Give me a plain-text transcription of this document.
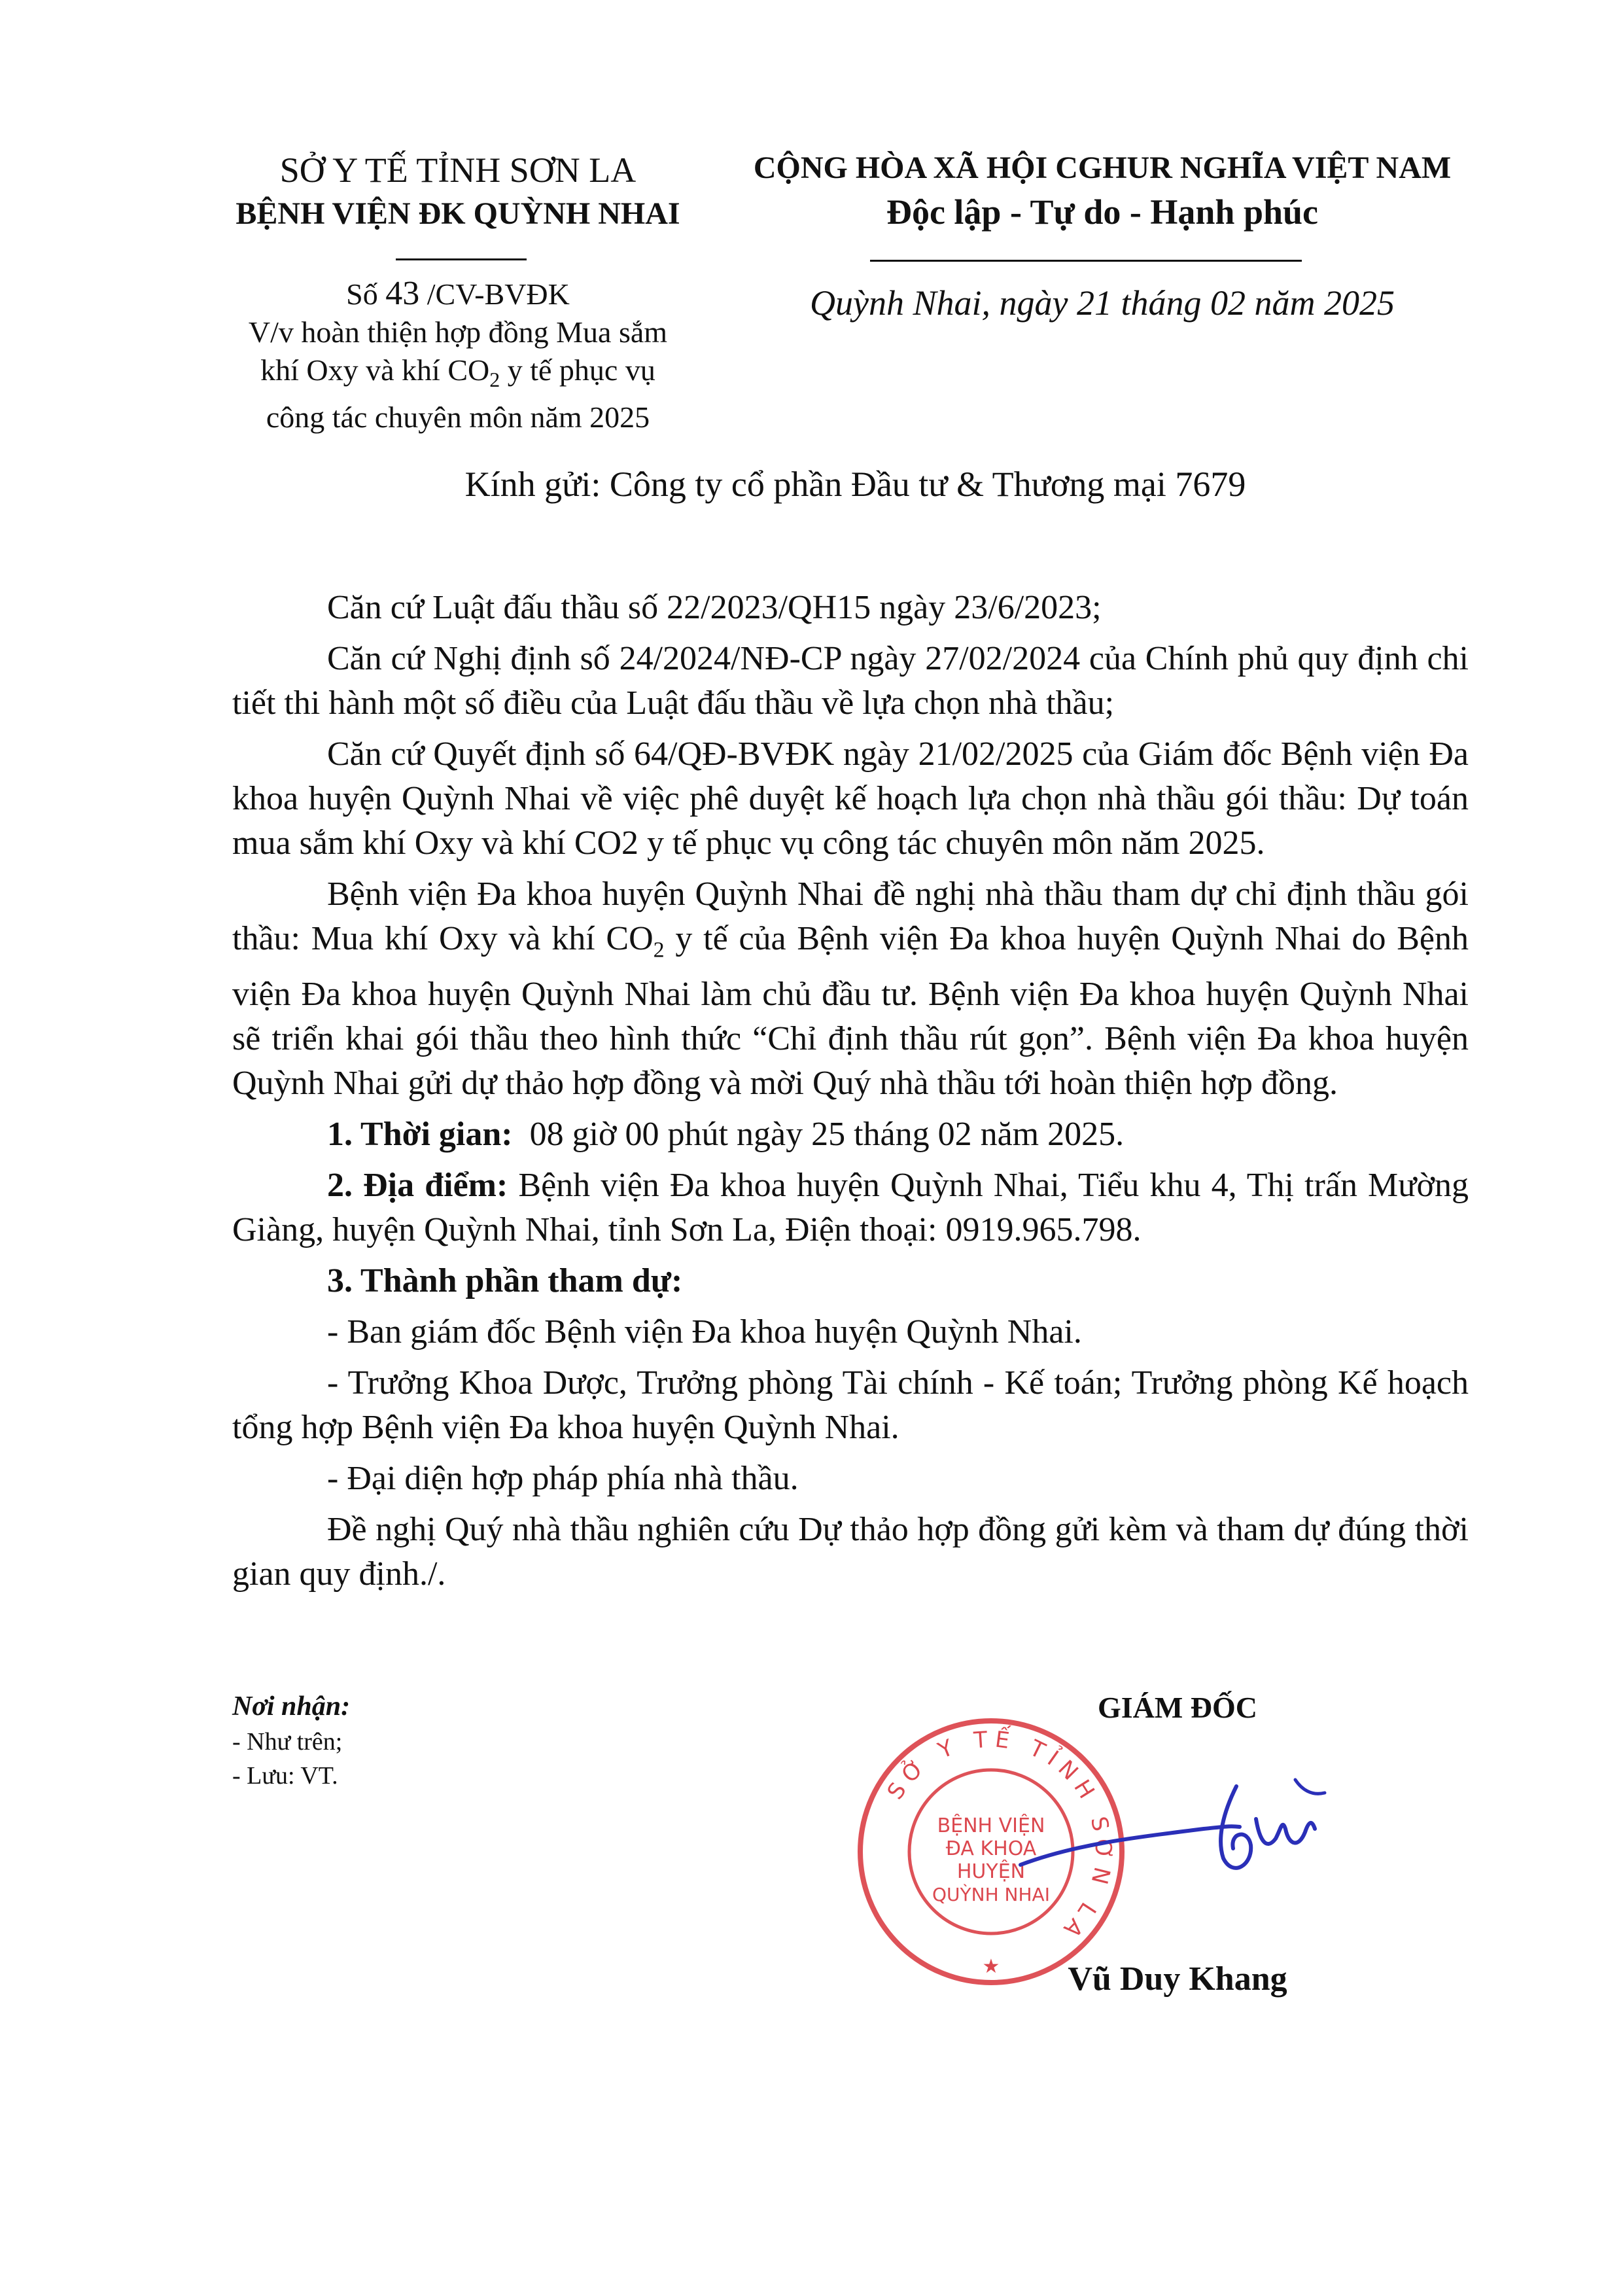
SỞ Y TẾ TỈNH SƠN LA
BỆNH VIỆN ĐK QUỲNH NHAI
CỘNG HÒA XÃ HỘI CGHUR NGHĨA VIỆT NAM
Độc lập - Tự do - Hạnh phúc
Số 43 /CV-BVĐK
V/v hoàn thiện hợp đồng Mua sắm
khí Oxy và khí $CO_2$ y tế phục vụ
công tác chuyên môn năm 2025
Quỳnh Nhai, ngày 21 tháng 02 năm 2025
Kính gửi: Công ty cổ phần Đầu tư & Thương mại 7679

Căn cứ Luật đấu thầu số 22/2023/QH15 ngày 23/6/2023;

Căn cứ Nghị định số 24/2024/NĐ-CP ngày 27/02/2024 của Chính phủ quy định chi tiết thi hành một số điều của Luật đấu thầu về lựa chọn nhà thầu;

Căn cứ Quyết định số 64/QĐ-BVĐK ngày 21/02/2025 của Giám đốc Bệnh viện Đa khoa huyện Quỳnh Nhai về việc phê duyệt kế hoạch lựa chọn nhà thầu gói thầu: Dự toán mua sắm khí Oxy và khí CO2 y tế phục vụ công tác chuyên môn năm 2025.

Bệnh viện Đa khoa huyện Quỳnh Nhai đề nghị nhà thầu tham dự chỉ định thầu gói thầu: Mua khí Oxy và khí $CO_2$ y tế của Bệnh viện Đa khoa huyện Quỳnh Nhai do Bệnh viện Đa khoa huyện Quỳnh Nhai làm chủ đầu tư. Bệnh viện Đa khoa huyện Quỳnh Nhai sẽ triển khai gói thầu theo hình thức “Chỉ định thầu rút gọn”. Bệnh viện Đa khoa huyện Quỳnh Nhai gửi dự thảo hợp đồng và mời Quý nhà thầu tới hoàn thiện hợp đồng.

1. Thời gian:  08 giờ 00 phút ngày 25 tháng 02 năm 2025.

2. Địa điểm: Bệnh viện Đa khoa huyện Quỳnh Nhai, Tiểu khu 4, Thị trấn Mường Giàng, huyện Quỳnh Nhai, tỉnh Sơn La, Điện thoại: 0919.965.798.

3. Thành phần tham dự:

- Ban giám đốc Bệnh viện Đa khoa huyện Quỳnh Nhai.

- Trưởng Khoa Dược, Trưởng phòng Tài chính - Kế toán; Trưởng phòng Kế hoạch tổng hợp Bệnh viện Đa khoa huyện Quỳnh Nhai.

- Đại diện hợp pháp phía nhà thầu.

Đề nghị Quý nhà thầu nghiên cứu Dự thảo hợp đồng gửi kèm và tham dự đúng thời gian quy định./.

Nơi nhận:
- Như trên;
- Lưu: VT.
GIÁM ĐỐC
SỞ Y TẾ TỈNH SƠN LA
BỆNH VIỆN
ĐA KHOA
HUYỆN
QUỲNH NHAI
★	Vũ Duy Khang
